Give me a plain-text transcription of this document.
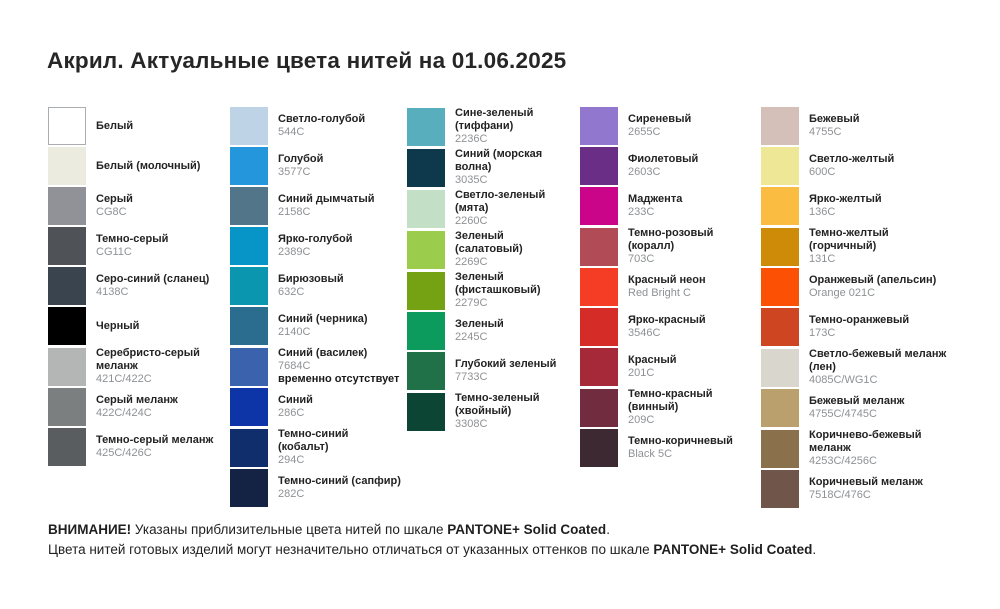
Акрил. Актуальные цвета нитей на 01.06.2025
Белый
Белый (молочный)
Серый
CG8C
Темно-серый
CG11C
Серо-синий (сланец)
4138C
Черный
Серебристо-серый меланж
421C/422C
Серый меланж
422C/424C
Темно-серый меланж
425C/426C
Светло-голубой
544C
Голубой
3577C
Синий дымчатый
2158C
Ярко-голубой
2389C
Бирюзовый
632C
Синий (черника)
2140C
Синий (василек)
7684C
временно отсутствует
Синий
286C
Темно-синий (кобальт)
294C
Темно-синий (сапфир)
282C
Сине-зеленый (тиффани)
2236C
Синий (морская волна)
3035C
Светло-зеленый (мята)
2260C
Зеленый (салатовый)
2269C
Зеленый (фисташковый)
2279C
Зеленый
2245C
Глубокий зеленый
7733C
Темно-зеленый (хвойный)
3308C
Сиреневый
2655C
Фиолетовый
2603C
Маджента
233C
Темно-розовый (коралл)
703C
Красный неон
Red Bright C
Ярко-красный
3546C
Красный
201C
Темно-красный (винный)
209C
Темно-коричневый
Black 5C
Бежевый
4755C
Светло-желтый
600C
Ярко-желтый
136C
Темно-желтый (горчичный)
131C
Оранжевый (апельсин)
Orange 021C
Темно-оранжевый
173C
Светло-бежевый меланж (лен)
4085C/WG1C
Бежевый меланж
4755C/4745C
Коричнево-бежевый меланж
4253C/4256C
Коричневый меланж
7518C/476C
ВНИМАНИЕ! Указаны приблизительные цвета нитей по шкале PANTONE+ Solid Coated.
Цвета нитей готовых изделий могут незначительно отличаться от указанных оттенков по шкале PANTONE+ Solid Coated.
